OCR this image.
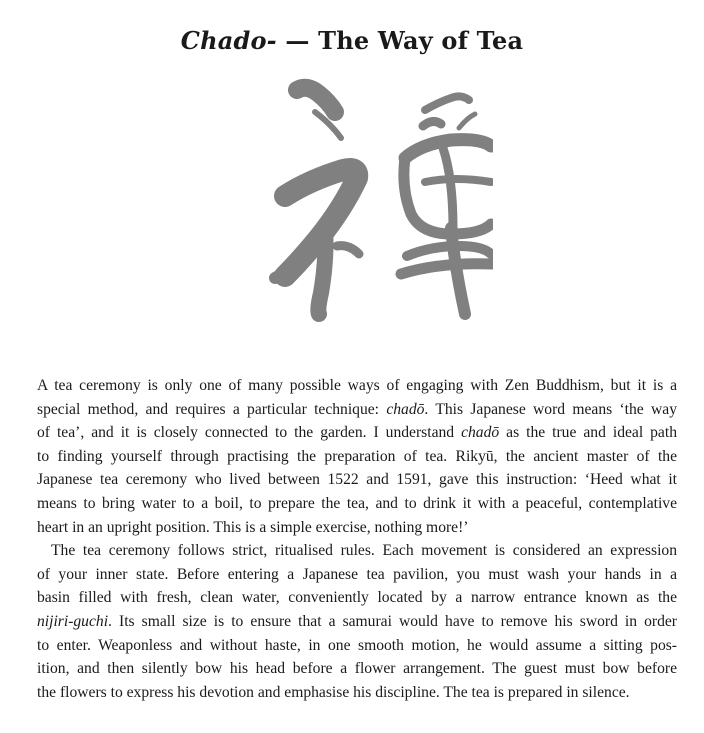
Chado- — The Way of Tea

A tea ceremony is only one of many possible ways of engaging with Zen Buddhism, but it is a
special method, and requires a particular technique: chadō. This Japanese word means ‘the way
of tea’, and it is closely connected to the garden. I understand chadō as the true and ideal path
to finding yourself through practising the preparation of tea. Rikyū, the ancient master of the
Japanese tea ceremony who lived between 1522 and 1591, gave this instruction: ‘Heed what it
means to bring water to a boil, to prepare the tea, and to drink it with a peaceful, contemplative
heart in an upright position. This is a simple exercise, nothing more!’

The tea ceremony follows strict, ritualised rules. Each movement is considered an expression
of your inner state. Before entering a Japanese tea pavilion, you must wash your hands in a
basin filled with fresh, clean water, conveniently located by a narrow entrance known as the
nijiri-guchi. Its small size is to ensure that a samurai would have to remove his sword in order
to enter. Weaponless and without haste, in one smooth motion, he would assume a sitting pos-
ition, and then silently bow his head before a flower arrangement. The guest must bow before
the flowers to express his devotion and emphasise his discipline. The tea is prepared in silence.
